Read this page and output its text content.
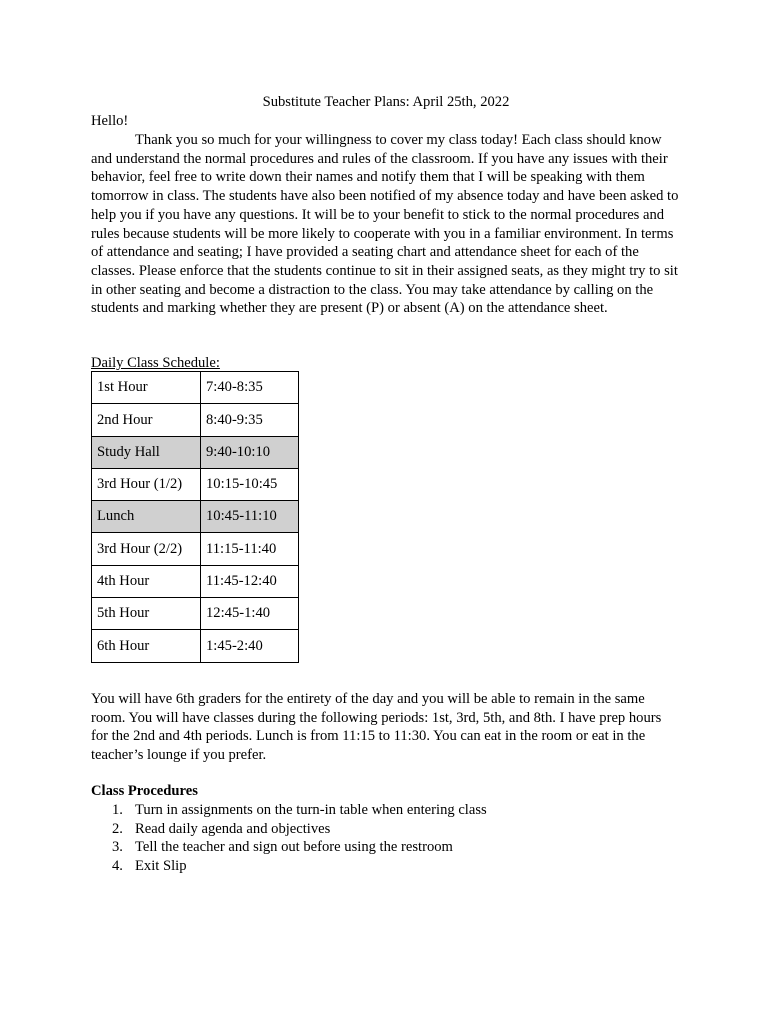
Substitute Teacher Plans: April 25th, 2022
Hello!

Thank you so much for your willingness to cover my class today! Each class should know and understand the normal procedures and rules of the classroom. If you have any issues with their behavior, feel free to write down their names and notify them that I will be speaking with them tomorrow in class. The students have also been notified of my absence today and have been asked to help you if you have any questions. It will be to your benefit to stick to the normal procedures and rules because students will be more likely to cooperate with you in a familiar environment. In terms of attendance and seating; I have provided a seating chart and attendance sheet for each of the classes. Please enforce that the students continue to sit in their assigned seats, as they might try to sit in other seating and become a distraction to the class. You may take attendance by calling on the students and marking whether they are present (P) or absent (A) on the attendance sheet.

Daily Class Schedule:
1st Hour	7:40-8:35
2nd Hour	8:40-9:35
Study Hall	9:40-10:10
3rd Hour (1/2)	10:15-10:45
Lunch	10:45-11:10
3rd Hour (2/2)	11:15-11:40
4th Hour	11:45-12:40
5th Hour	12:45-1:40
6th Hour	1:45-2:40

You will have 6th graders for the entirety of the day and you will be able to remain in the same room. You will have classes during the following periods: 1st, 3rd, 5th, and 8th. I have prep hours for the 2nd and 4th periods. Lunch is from 11:15 to 11:30. You can eat in the room or eat in the teacher’s lounge if you prefer.

Class Procedures
1. Turn in assignments on the turn-in table when entering class
2. Read daily agenda and objectives
3. Tell the teacher and sign out before using the restroom
4. Exit Slip
